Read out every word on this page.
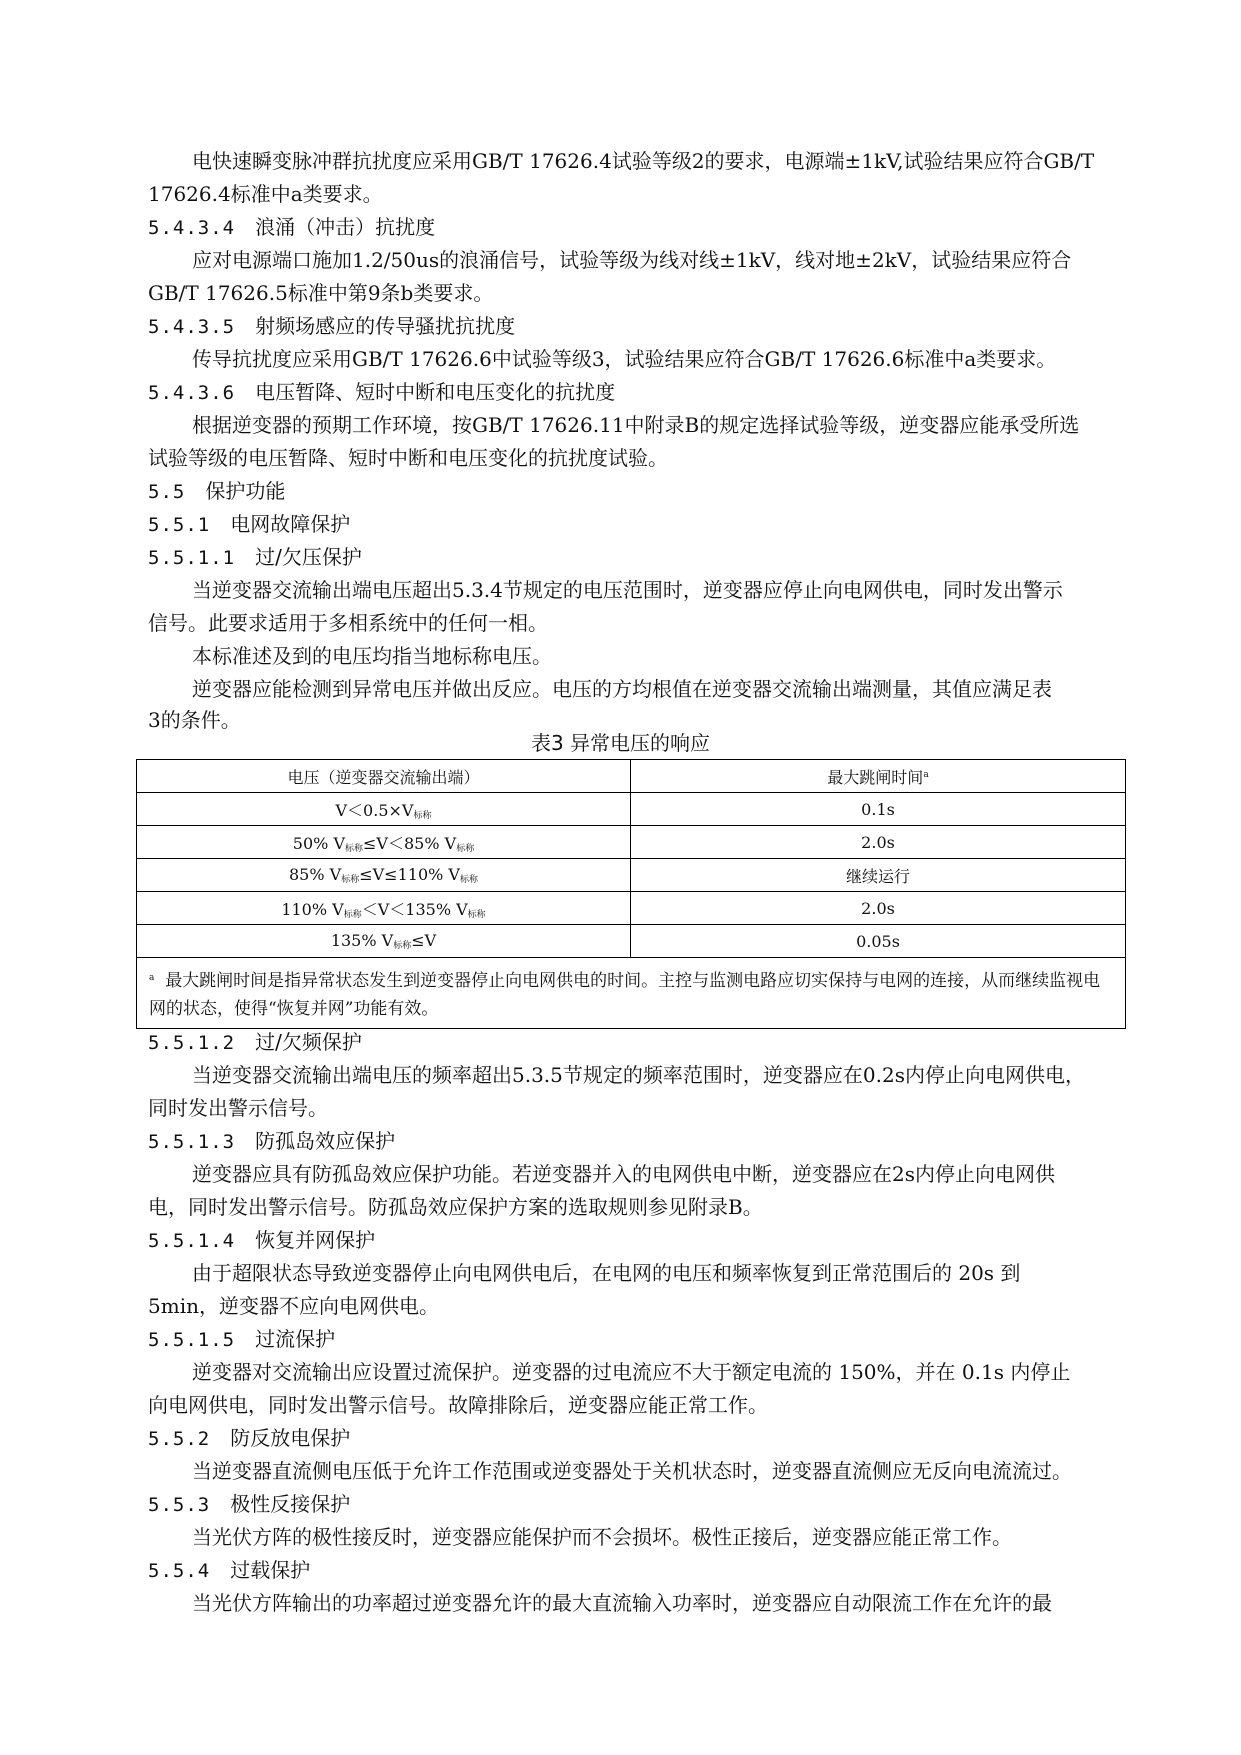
电快速瞬变脉冲群抗扰度应采用GB/T 17626.4试验等级2的要求，电源端±1kV,试验结果应符合GB/T
17626.4标准中a类要求。
5.4.3.4 浪涌（冲击）抗扰度
应对电源端口施加1.2/50us的浪涌信号，试验等级为线对线±1kV，线对地±2kV，试验结果应符合
GB/T 17626.5标准中第9条b类要求。
5.4.3.5 射频场感应的传导骚扰抗扰度
传导抗扰度应采用GB/T 17626.6中试验等级3，试验结果应符合GB/T 17626.6标准中a类要求。
5.4.3.6 电压暂降、短时中断和电压变化的抗扰度
根据逆变器的预期工作环境，按GB/T 17626.11中附录B的规定选择试验等级，逆变器应能承受所选
试验等级的电压暂降、短时中断和电压变化的抗扰度试验。
5.5 保护功能
5.5.1 电网故障保护
5.5.1.1 过/欠压保护
当逆变器交流输出端电压超出5.3.4节规定的电压范围时，逆变器应停止向电网供电，同时发出警示
信号。此要求适用于多相系统中的任何一相。
本标准述及到的电压均指当地标称电压。
逆变器应能检测到异常电压并做出反应。电压的方均根值在逆变器交流输出端测量，其值应满足表
3的条件。
表3 异常电压的响应
电压（逆变器交流输出端）	最大跳闸时间$^a$
$V<0.5\times V_{标称}$	0.1s
50% $V_{标称}\le V<85\%$ $V_{标称}$	2.0s
85% $V_{标称}\le V\le 110\%$ $V_{标称}$	继续运行
110% $V_{标称}<V<135\%$ $V_{标称}$	2.0s
135% $V_{标称}\le V$	0.05s
$^a$ 最大跳闸时间是指异常状态发生到逆变器停止向电网供电的时间。主控与监测电路应切实保持与电网的连接，从而继续监视电网的状态，使得“恢复并网”功能有效。	
5.5.1.2 过/欠频保护
当逆变器交流输出端电压的频率超出5.3.5节规定的频率范围时，逆变器应在0.2s内停止向电网供电，
同时发出警示信号。
5.5.1.3 防孤岛效应保护
逆变器应具有防孤岛效应保护功能。若逆变器并入的电网供电中断，逆变器应在2s内停止向电网供
电，同时发出警示信号。防孤岛效应保护方案的选取规则参见附录B。
5.5.1.4 恢复并网保护
由于超限状态导致逆变器停止向电网供电后，在电网的电压和频率恢复到正常范围后的 20s 到
5min，逆变器不应向电网供电。
5.5.1.5 过流保护
逆变器对交流输出应设置过流保护。逆变器的过电流应不大于额定电流的 150%，并在 0.1s 内停止
向电网供电，同时发出警示信号。故障排除后，逆变器应能正常工作。
5.5.2 防反放电保护
当逆变器直流侧电压低于允许工作范围或逆变器处于关机状态时，逆变器直流侧应无反向电流流过。
5.5.3 极性反接保护
当光伏方阵的极性接反时，逆变器应能保护而不会损坏。极性正接后，逆变器应能正常工作。
5.5.4 过载保护
当光伏方阵输出的功率超过逆变器允许的最大直流输入功率时，逆变器应自动限流工作在允许的最
